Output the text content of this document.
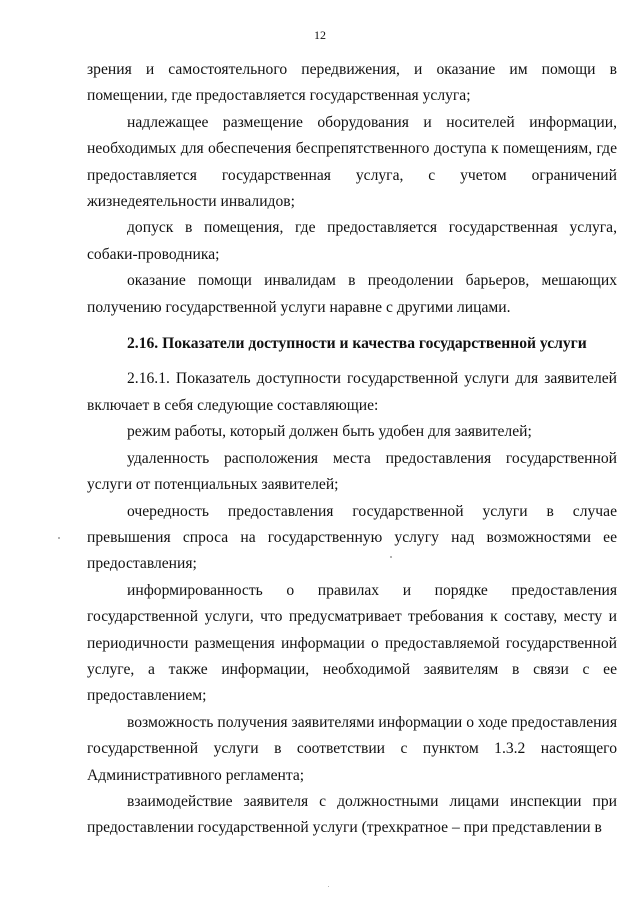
12

зрения и самостоятельного передвижения, и оказание им помощи в помещении, где предоставляется государственная услуга;

надлежащее размещение оборудования и носителей информации, необходимых для обеспечения беспрепятственного доступа к помещениям, где предоставляется государственная услуга, с учетом ограничений жизнедеятельности инвалидов;

допуск в помещения, где предоставляется государственная услуга, собаки-проводника;

оказание помощи инвалидам в преодолении барьеров, мешающих получению государственной услуги наравне с другими лицами.

2.16. Показатели доступности и качества государственной услуги

2.16.1. Показатель доступности государственной услуги для заявителей включает в себя следующие составляющие:

режим работы, который должен быть удобен для заявителей;

удаленность расположения места предоставления государственной услуги от потенциальных заявителей;

очередность предоставления государственной услуги в случае превышения спроса на государственную услугу над возможностями ее предоставления;

информированность о правилах и порядке предоставления государственной услуги, что предусматривает требования к составу, месту и периодичности размещения информации о предоставляемой государственной услуге, а также информации, необходимой заявителям в связи с ее предоставлением;

возможность получения заявителями информации о ходе предоставления государственной услуги в соответствии с пунктом 1.3.2 настоящего Административного регламента;

взаимодействие заявителя с должностными лицами инспекции при предоставлении государственной услуги (трехкратное – при представлении в
